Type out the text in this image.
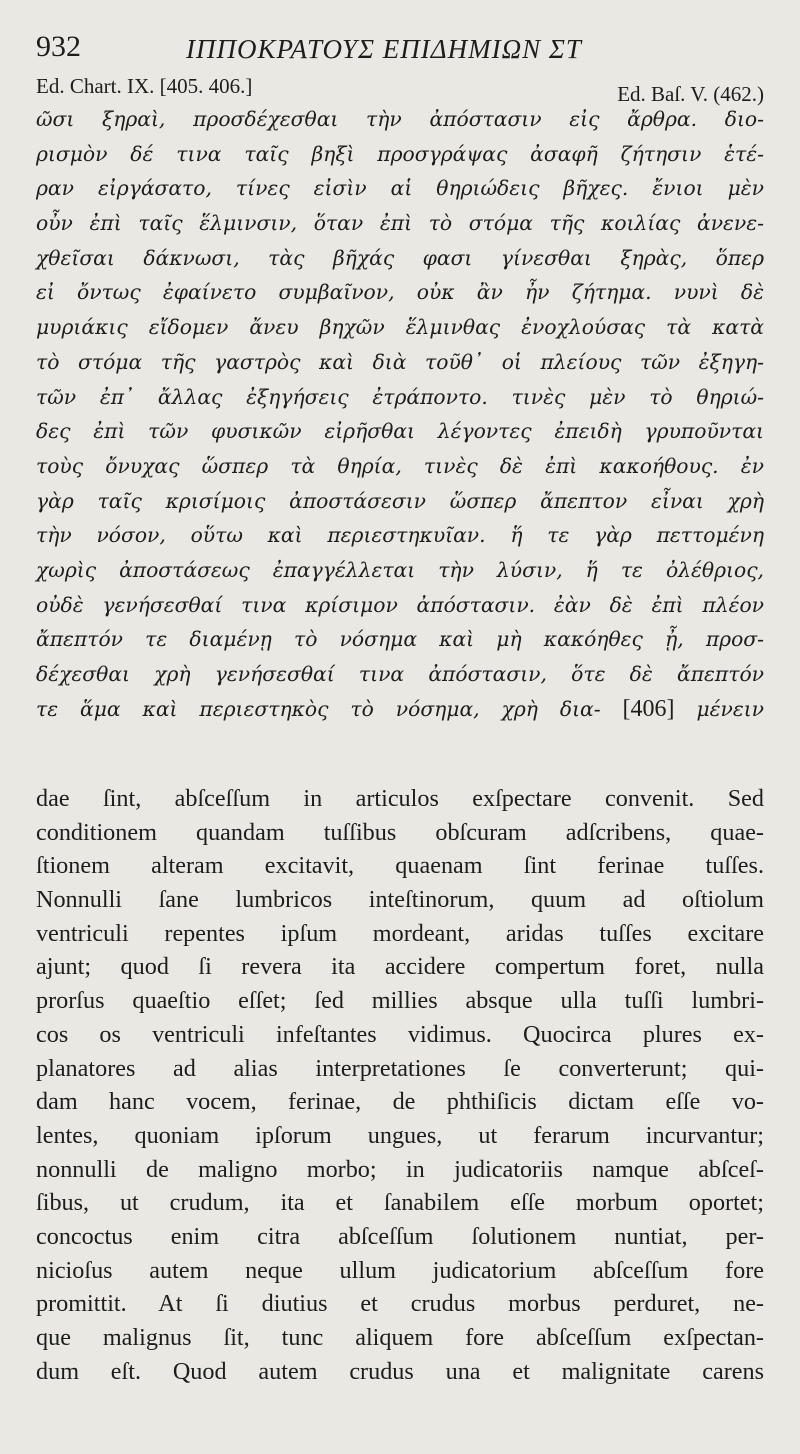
932	ΙΠΠΟΚΡΑΤΟΥΣ ΕΠΙΔΗΜΙΩΝ ΣΤ
Ed. Chart. IX. [405. 406.]	Ed. Baſ. V. (462.)
ῶσι ξηραὶ, προσδέχεσθαι τὴν ἀπόστασιν εἰς ἄρθρα. διο-
ρισμὸν δέ τινα ταῖς βηξὶ προσγράψας ἀσαφῆ ζήτησιν ἑτέ-
ραν εἰργάσατο, τίνες εἰσὶν αἱ θηριώδεις βῆχες. ἔνιοι μὲν
οὖν ἐπὶ ταῖς ἕλμινσιν, ὅταν ἐπὶ τὸ στόμα τῆς κοιλίας ἀνενε-
χθεῖσαι δάκνωσι, τὰς βῆχάς φασι γίνεσθαι ξηρὰς, ὅπερ
εἰ ὄντως ἐφαίνετο συμβαῖνον, οὐκ ἂν ἦν ζήτημα. νυνὶ δὲ
μυριάκις εἴδομεν ἄνευ βηχῶν ἕλμινθας ἐνοχλούσας τὰ κατὰ
τὸ στόμα τῆς γαστρὸς καὶ διὰ τοῦθ᾽ οἱ πλείους τῶν ἐξηγη-
τῶν ἐπ᾽ ἄλλας ἐξηγήσεις ἐτράποντο. τινὲς μὲν τὸ θηριώ-
δες ἐπὶ τῶν φυσικῶν εἰρῆσθαι λέγοντες ἐπειδὴ γρυποῦνται
τοὺς ὄνυχας ὥσπερ τὰ θηρία, τινὲς δὲ ἐπὶ κακοήθους. ἐν
γὰρ ταῖς κρισίμοις ἀποστάσεσιν ὥσπερ ἄπεπτον εἶναι χρὴ
τὴν νόσον, οὕτω καὶ περιεστηκυῖαν. ἥ τε γὰρ πεττομένη
χωρὶς ἀποστάσεως ἐπαγγέλλεται τὴν λύσιν, ἥ τε ὀλέθριος,
οὐδὲ γενήσεσθαί τινα κρίσιμον ἀπόστασιν. ἐὰν δὲ ἐπὶ πλέον
ἄπεπτόν τε διαμένῃ τὸ νόσημα καὶ μὴ κακόηθες ᾖ, προσ-
δέχεσθαι χρὴ γενήσεσθαί τινα ἀπόστασιν, ὅτε δὲ ἄπεπτόν
τε ἅμα καὶ περιεστηκὸς τὸ νόσημα, χρὴ δια- [406] μένειν
dae ſint, abſceſſum in articulos exſpectare convenit. Sed
conditionem quandam tuſſibus obſcuram adſcribens, quae-
ſtionem alteram excitavit, quaenam ſint ferinae tuſſes.
Nonnulli ſane lumbricos inteſtinorum, quum ad oſtiolum
ventriculi repentes ipſum mordeant, aridas tuſſes excitare
ajunt; quod ſi revera ita accidere compertum foret, nulla
prorſus quaeſtio eſſet; ſed millies absque ulla tuſſi lumbri-
cos os ventriculi infeſtantes vidimus. Quocirca plures ex-
planatores ad alias interpretationes ſe converterunt; qui-
dam hanc vocem, ferinae, de phthiſicis dictam eſſe vo-
lentes, quoniam ipſorum ungues, ut ferarum incurvantur;
nonnulli de maligno morbo; in judicatoriis namque abſceſ-
ſibus, ut crudum, ita et ſanabilem eſſe morbum oportet;
concoctus enim citra abſceſſum ſolutionem nuntiat, per-
nicioſus autem neque ullum judicatorium abſceſſum fore
promittit. At ſi diutius et crudus morbus perduret, ne-
que malignus ſit, tunc aliquem fore abſceſſum exſpectan-
dum eſt. Quod autem crudus una et malignitate carens
